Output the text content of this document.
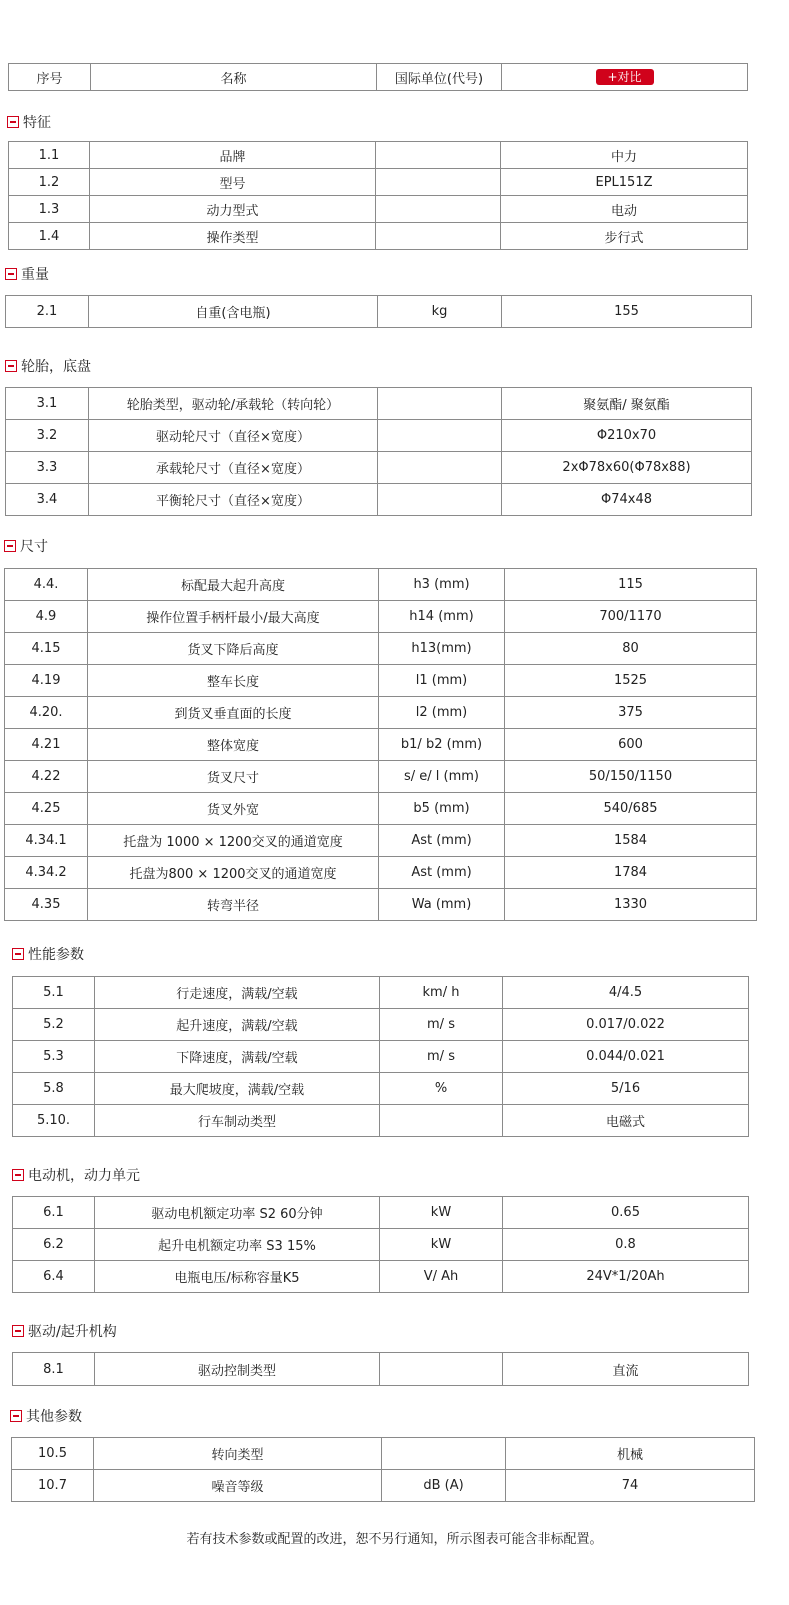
序号	名称	国际单位(代号)	+对比
特征
1.1	品牌		中力
1.2	型号		EPL151Z
1.3	动力型式		电动
1.4	操作类型		步行式
重量
2.1	自重(含电瓶)	kg	155
轮胎，底盘
3.1	轮胎类型，驱动轮/承载轮（转向轮）		聚氨酯/ 聚氨酯
3.2	驱动轮尺寸（直径×宽度）		Φ210x70
3.3	承载轮尺寸（直径×宽度）		2xΦ78x60(Φ78x88)
3.4	平衡轮尺寸（直径×宽度）		Φ74x48
尺寸
4.4.	标配最大起升高度	h3 (mm)	115
4.9	操作位置手柄杆最小/最大高度	h14 (mm)	700/1170
4.15	货叉下降后高度	h13(mm)	80
4.19	整车长度	l1 (mm)	1525
4.20.	到货叉垂直面的长度	l2 (mm)	375
4.21	整体宽度	b1/ b2 (mm)	600
4.22	货叉尺寸	s/ e/ l (mm)	50/150/1150
4.25	货叉外宽	b5 (mm)	540/685
4.34.1	托盘为 1000 × 1200交叉的通道宽度	Ast (mm)	1584
4.34.2	托盘为800 × 1200交叉的通道宽度	Ast (mm)	1784
4.35	转弯半径	Wa (mm)	1330
性能参数
5.1	行走速度，满载/空载	km/ h	4/4.5
5.2	起升速度，满载/空载	m/ s	0.017/0.022
5.3	下降速度，满载/空载	m/ s	0.044/0.021
5.8	最大爬坡度，满载/空载	%	5/16
5.10.	行车制动类型		电磁式
电动机，动力单元
6.1	驱动电机额定功率 S2 60分钟	kW	0.65
6.2	起升电机额定功率 S3 15%	kW	0.8
6.4	电瓶电压/标称容量K5	V/ Ah	24V*1/20Ah
驱动/起升机构
8.1	驱动控制类型		直流
其他参数
10.5	转向类型		机械
10.7	噪音等级	dB (A)	74
若有技术参数或配置的改进，恕不另行通知，所示图表可能含非标配置。
